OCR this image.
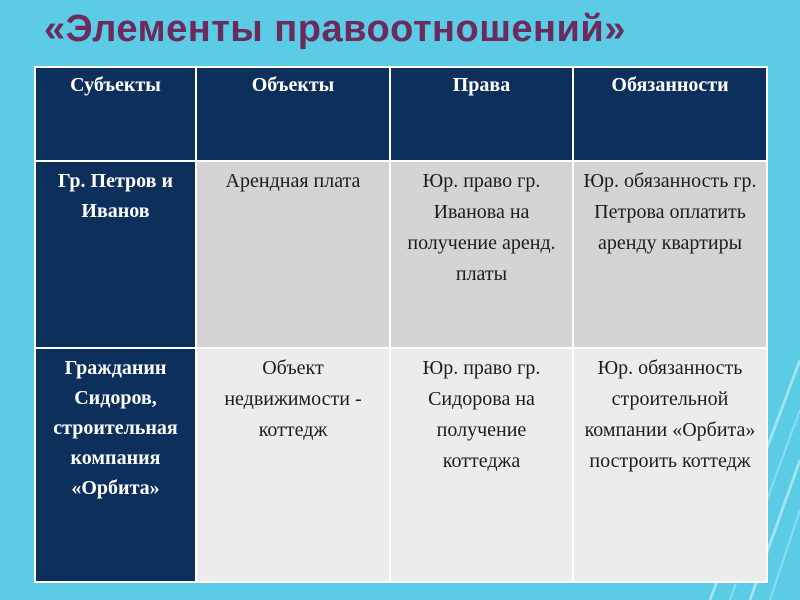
«Элементы правоотношений»
Субъекты	Объекты	Права	Обязанности
Гр. Петров и Иванов	Арендная плата	Юр. право гр. Иванова на получение аренд. платы	Юр. обязанность гр. Петрова оплатить аренду квартиры
Гражданин Сидоров, строительная компания «Орбита»	Объект недвижимости - коттедж	Юр. право гр. Сидорова на получение коттеджа	Юр. обязанность строительной компании «Орбита» построить коттедж
